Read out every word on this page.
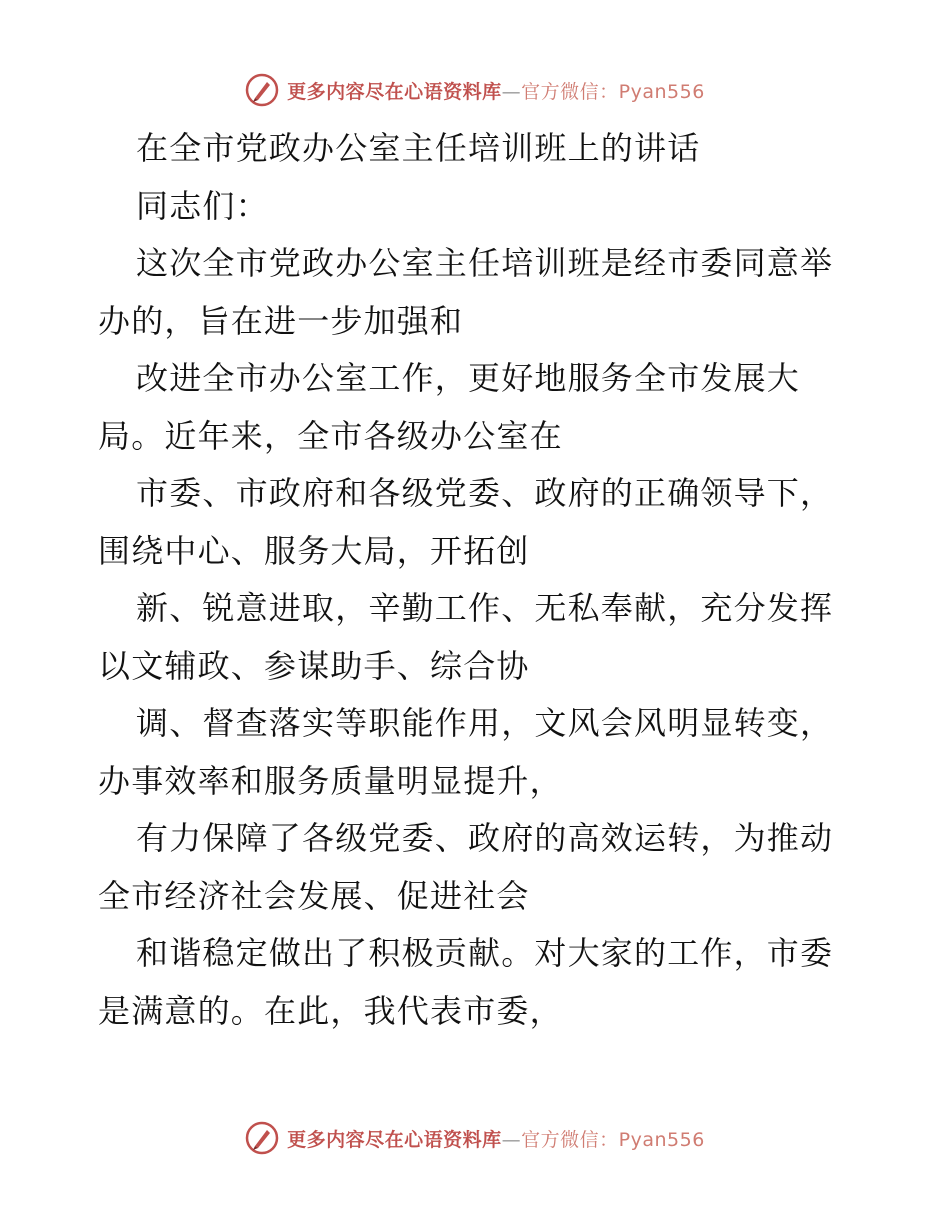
更多内容尽在心语资料库—官方微信：Pyan556
在全市党政办公室主任培训班上的讲话
同志们：
这次全市党政办公室主任培训班是经市委同意举
办的，旨在进一步加强和
改进全市办公室工作，更好地服务全市发展大
局。近年来，全市各级办公室在
市委、市政府和各级党委、政府的正确领导下，
围绕中心、服务大局，开拓创
新、锐意进取，辛勤工作、无私奉献，充分发挥
以文辅政、参谋助手、综合协
调、督查落实等职能作用，文风会风明显转变，
办事效率和服务质量明显提升，
有力保障了各级党委、政府的高效运转，为推动
全市经济社会发展、促进社会
和谐稳定做出了积极贡献。对大家的工作，市委
是满意的。在此，我代表市委，
更多内容尽在心语资料库—官方微信：Pyan556
